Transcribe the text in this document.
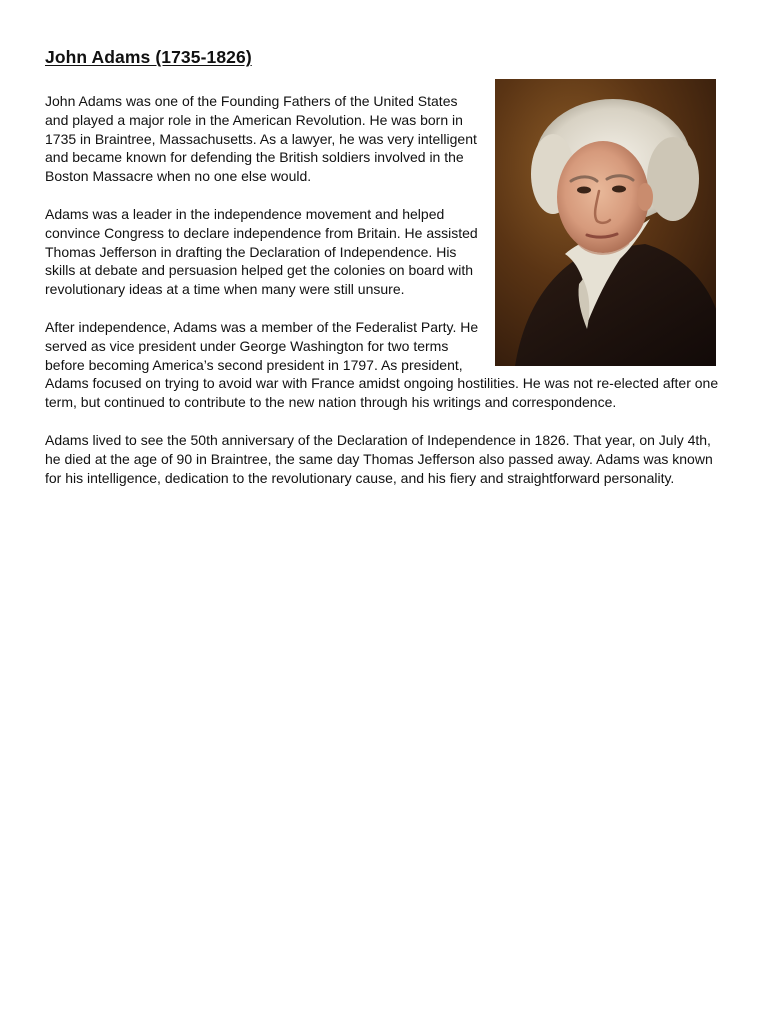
John Adams (1735-1826)

John Adams was one of the Founding Fathers of the United States and played a major role in the American Revolution. He was born in 1735 in Braintree, Massachusetts. As a lawyer, he was very intelligent and became known for defending the British soldiers involved in the Boston Massacre when no one else would.

Adams was a leader in the independence movement and helped convince Congress to declare independence from Britain. He assisted Thomas Jefferson in drafting the Declaration of Independence. His skills at debate and persuasion helped get the colonies on board with revolutionary ideas at a time when many were still unsure.

After independence, Adams was a member of the Federalist Party. He served as vice president under George Washington for two terms before becoming America’s second president in 1797. As president, Adams focused on trying to avoid war with France amidst ongoing hostilities. He was not re-elected after one term, but continued to contribute to the new nation through his writings and correspondence.

Adams lived to see the 50th anniversary of the Declaration of Independence in 1826. That year, on July 4th, he died at the age of 90 in Braintree, the same day Thomas Jefferson also passed away. Adams was known for his intelligence, dedication to the revolutionary cause, and his fiery and straightforward personality.
